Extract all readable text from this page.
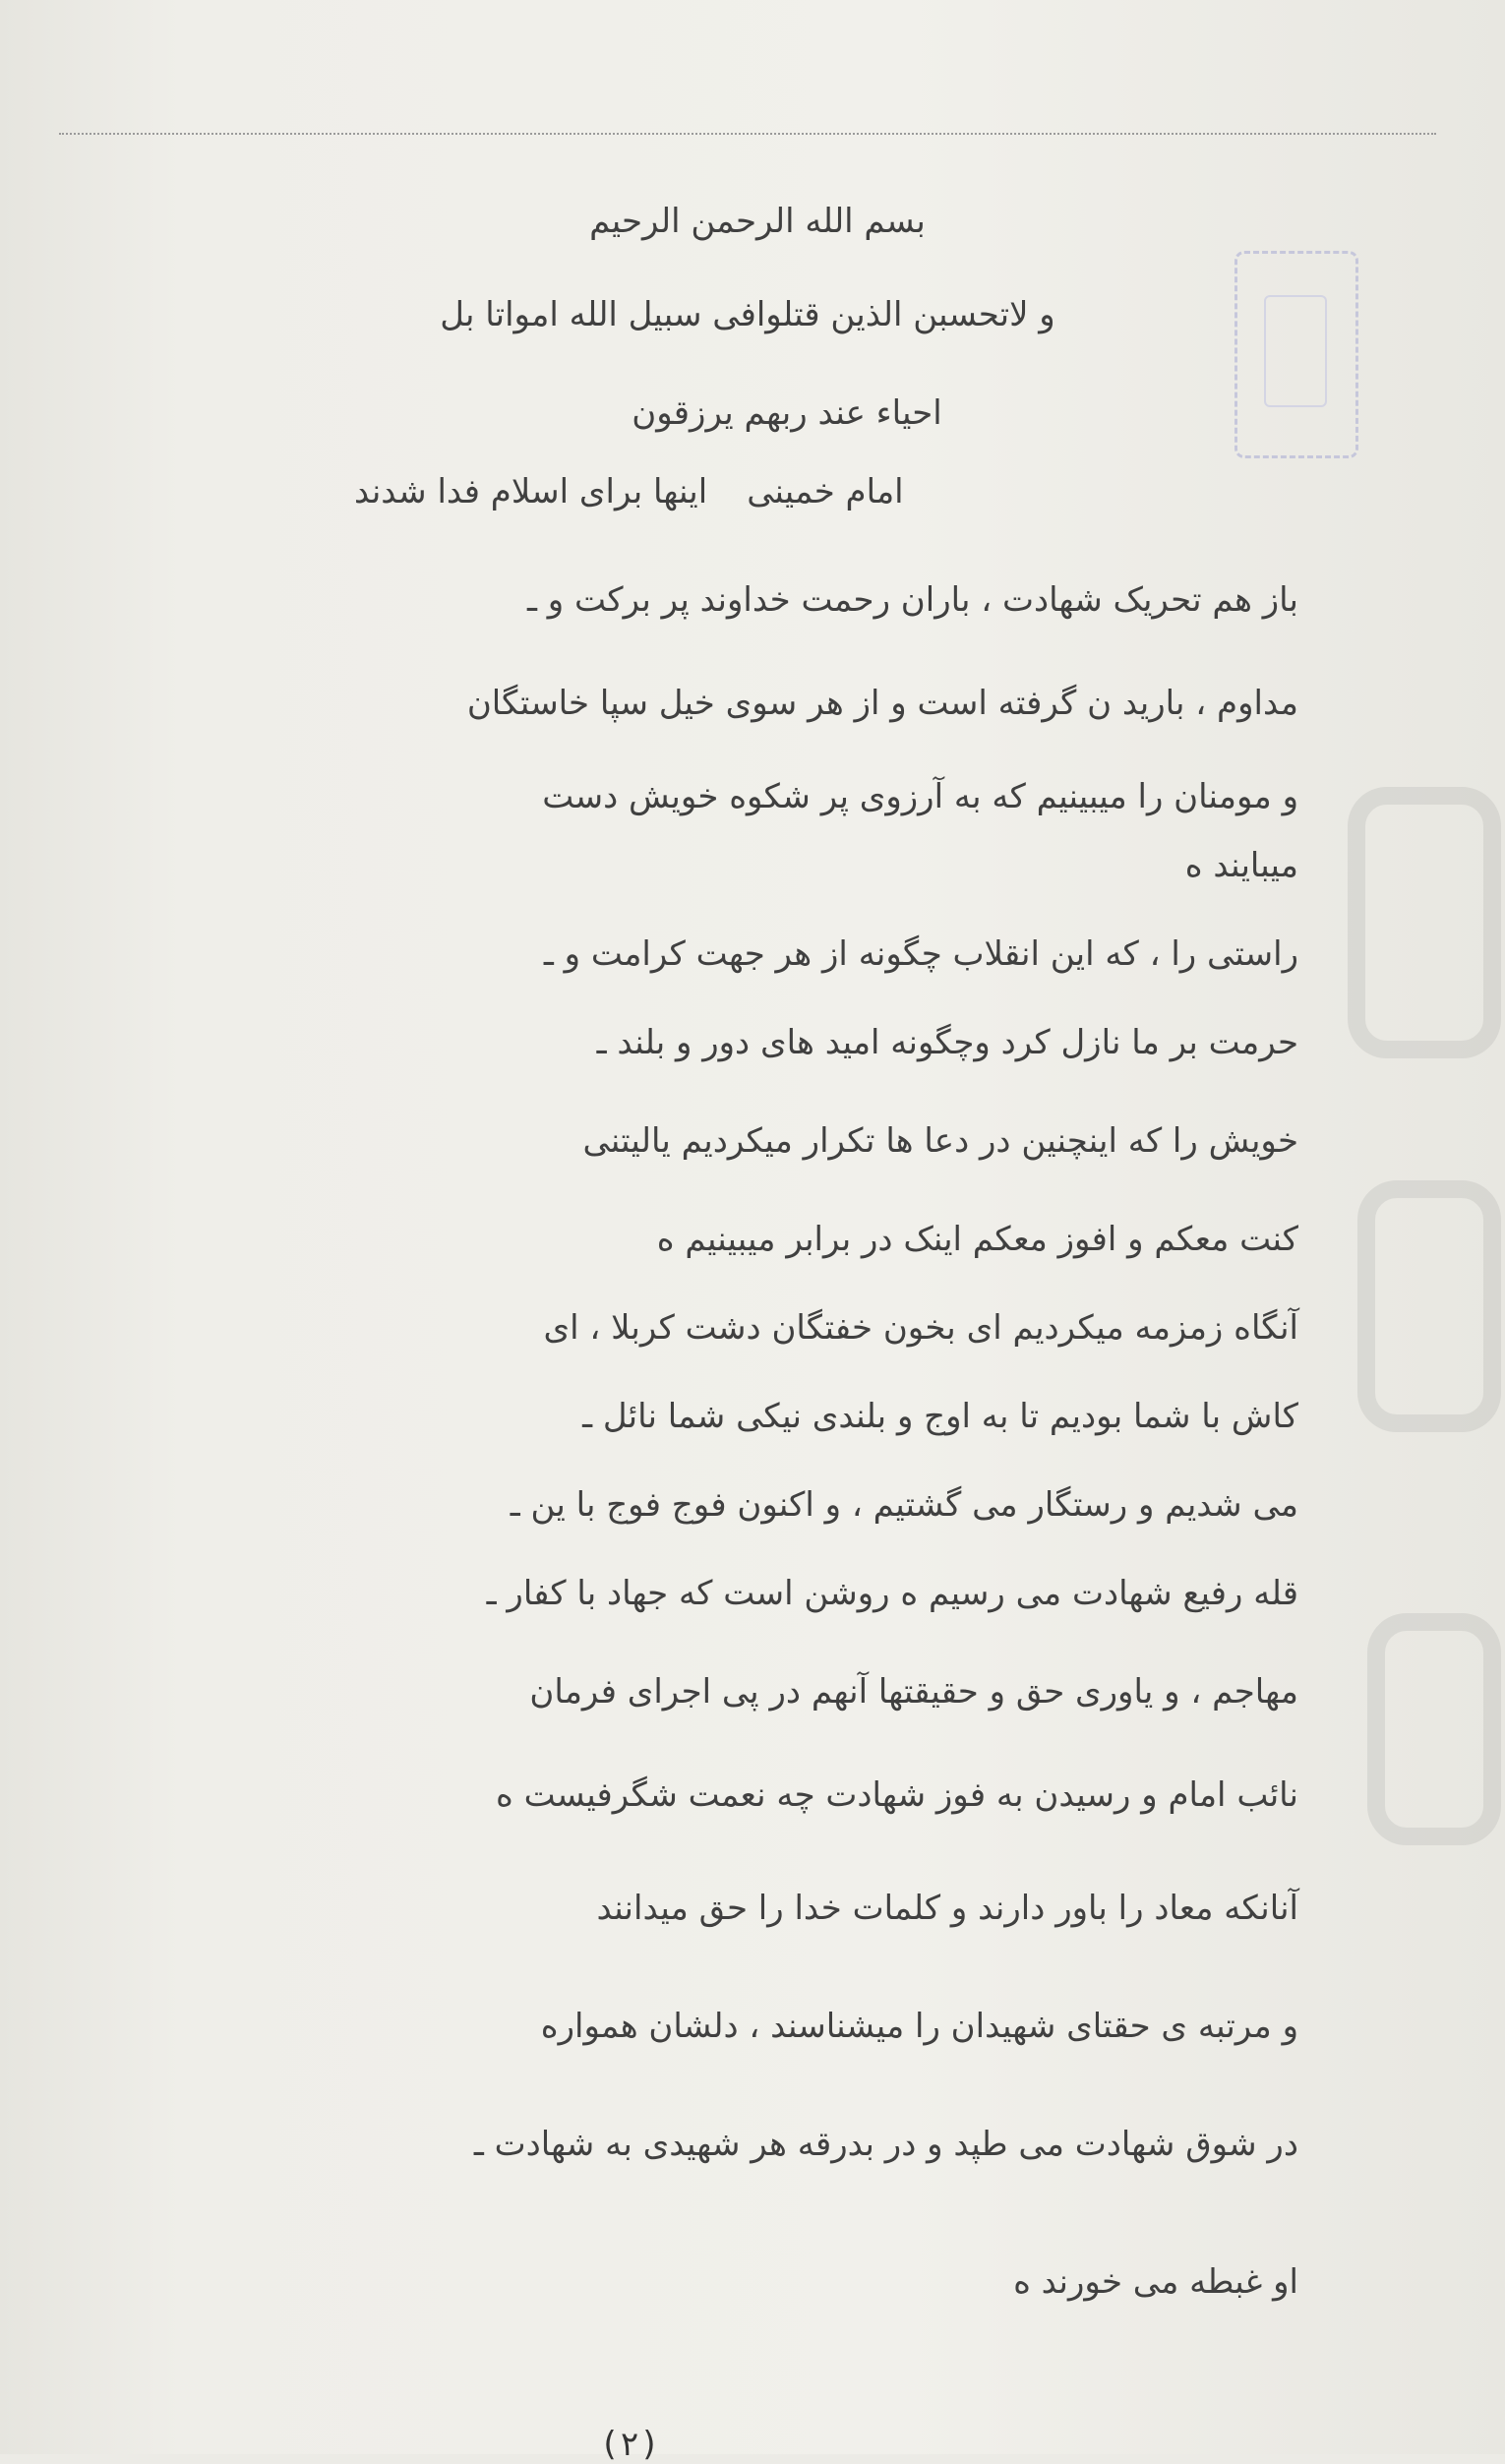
بسم الله الرحمن الرحیم
و لاتحسبن الذین قتلوافی سبیل الله امواتا بل
احیاء عند ربهم یرزقون
اینها برای اسلام فدا شدند امام خمینی
باز هم تحریک شهادت ، باران رحمت خداوند پر برکت و ـ
مداوم ، بارید ن گرفته است و از هر سوی خیل سپا خاستگان
و مومنان را میبینیم که به آرزوی پر شکوه خویش دست
میبایند ه
راستی را ، که این انقلاب چگونه از هر جهت کرامت و ـ
حرمت بر ما نازل کرد وچگونه امید های دور و بلند ـ
خویش را که اینچنین در دعا ها تکرار میکردیم یالیتنی
کنت معکم و افوز معکم اینک در برابر میبینیم ه
آنگاه زمزمه میکردیم ای بخون خفتگان دشت کربلا ، ای
کاش با شما بودیم تا به اوج و بلندی نیکی شما نائل ـ
می شدیم و رستگار می گشتیم ، و اکنون فوج فوج با ین ـ
قله رفیع شهادت می رسیم ه روشن است که جهاد با کفار ـ
مهاجم ، و یاوری حق و حقیقتها آنهم در پی اجرای فرمان
نائب امام و رسیدن به فوز شهادت چه نعمت شگرفیست ه
آنانکه معاد را باور دارند و کلمات خدا را حق میدانند
و مرتبه ی حقتای شهیدان را میشناسند ، دلشان همواره
در شوق شهادت می طپد و در بدرقه هر شهیدی به شهادت ـ
او غبطه می خورند ه
(۲)
